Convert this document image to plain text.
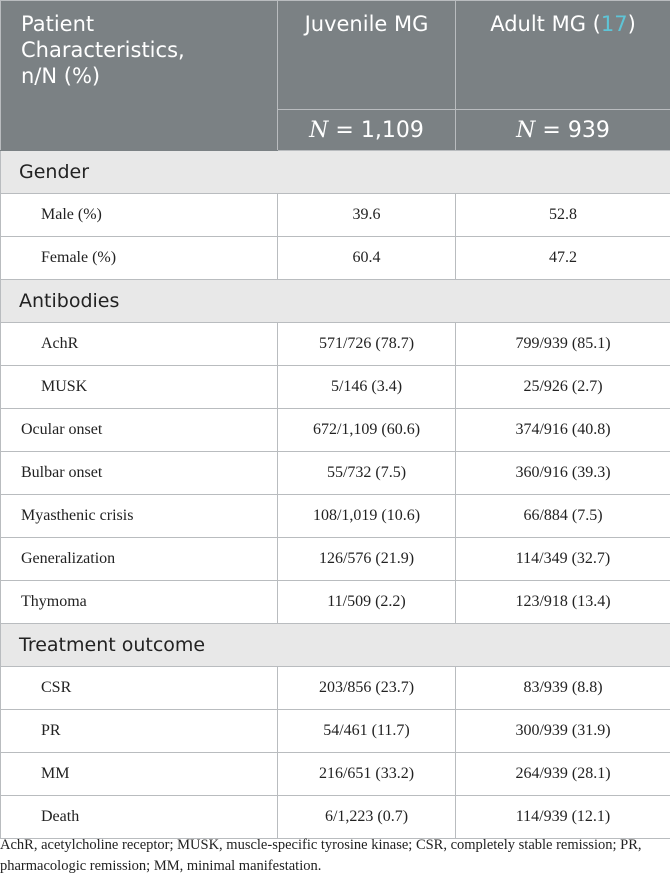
Patient
Characteristics,
n/N (%)	Juvenile MG	Adult MG (17)
	N = 1,109	N = 939
Gender		
Male (%)	39.6	52.8
Female (%)	60.4	47.2
Antibodies		
AchR	571/726 (78.7)	799/939 (85.1)
MUSK	5/146 (3.4)	25/926 (2.7)
Ocular onset	672/1,109 (60.6)	374/916 (40.8)
Bulbar onset	55/732 (7.5)	360/916 (39.3)
Myasthenic crisis	108/1,019 (10.6)	66/884 (7.5)
Generalization	126/576 (21.9)	114/349 (32.7)
Thymoma	11/509 (2.2)	123/918 (13.4)
Treatment outcome		
CSR	203/856 (23.7)	83/939 (8.8)
PR	54/461 (11.7)	300/939 (31.9)
MM	216/651 (33.2)	264/939 (28.1)
Death	6/1,223 (0.7)	114/939 (12.1)

AchR, acetylcholine receptor; MUSK, muscle-specific tyrosine kinase; CSR, completely stable remission; PR, pharmacologic remission; MM, minimal manifestation.
